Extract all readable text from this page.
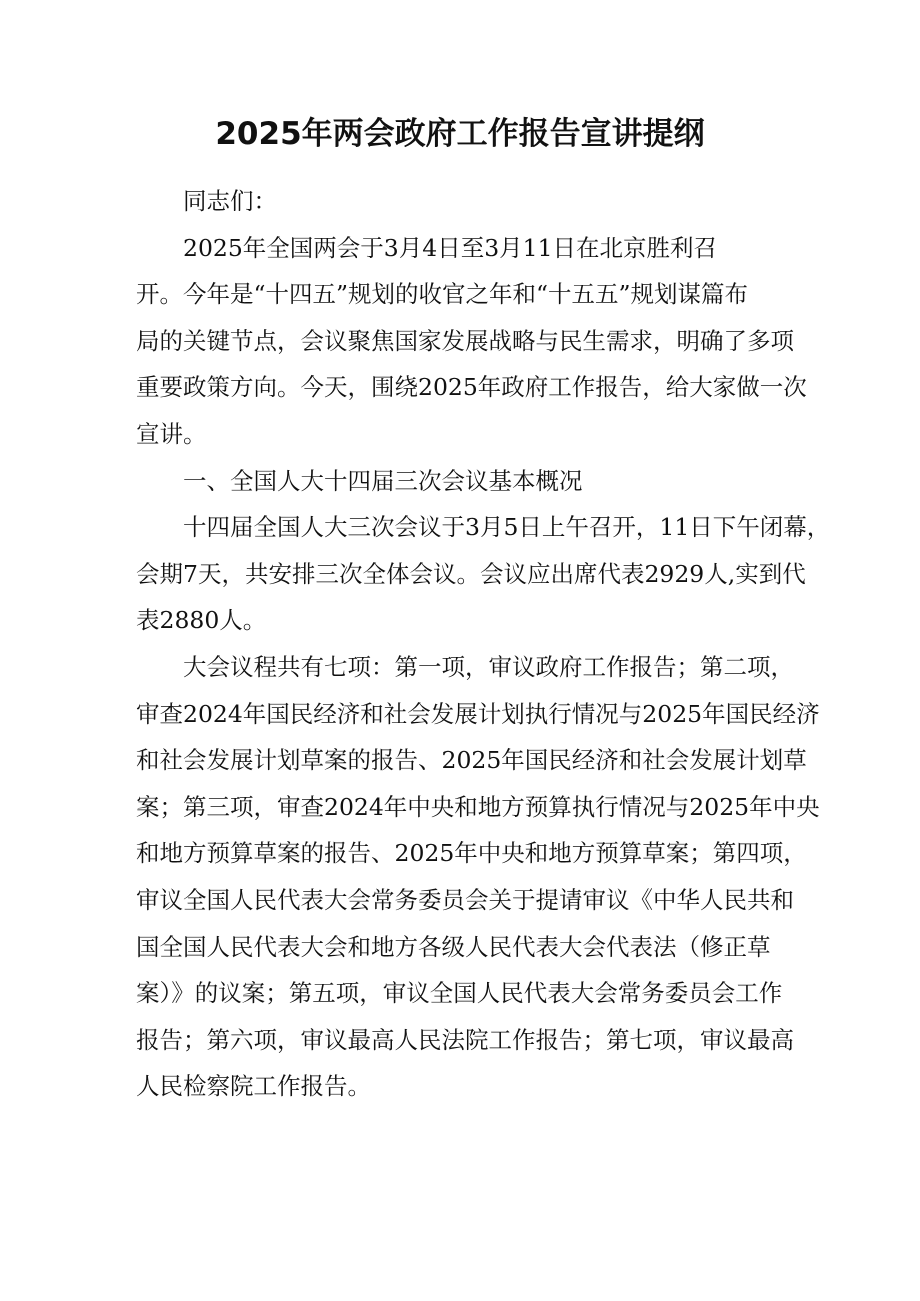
2025年两会政府工作报告宣讲提纲
同志们：
2025年全国两会于3月4日至3月11日在北京胜利召
开。今年是“十四五”规划的收官之年和“十五五”规划谋篇布
局的关键节点，会议聚焦国家发展战略与民生需求，明确了多项
重要政策方向。今天，围绕2025年政府工作报告，给大家做一次
宣讲。
一、全国人大十四届三次会议基本概况
十四届全国人大三次会议于3月5日上午召开，11日下午闭幕，
会期7天，共安排三次全体会议。会议应出席代表2929人,实到代
表2880人。
大会议程共有七项：第一项，审议政府工作报告；第二项，
审查2024年国民经济和社会发展计划执行情况与2025年国民经济
和社会发展计划草案的报告、2025年国民经济和社会发展计划草
案；第三项，审查2024年中央和地方预算执行情况与2025年中央
和地方预算草案的报告、2025年中央和地方预算草案；第四项，
审议全国人民代表大会常务委员会关于提请审议《中华人民共和
国全国人民代表大会和地方各级人民代表大会代表法（修正草
案）》的议案；第五项，审议全国人民代表大会常务委员会工作
报告；第六项，审议最高人民法院工作报告；第七项，审议最高
人民检察院工作报告。
